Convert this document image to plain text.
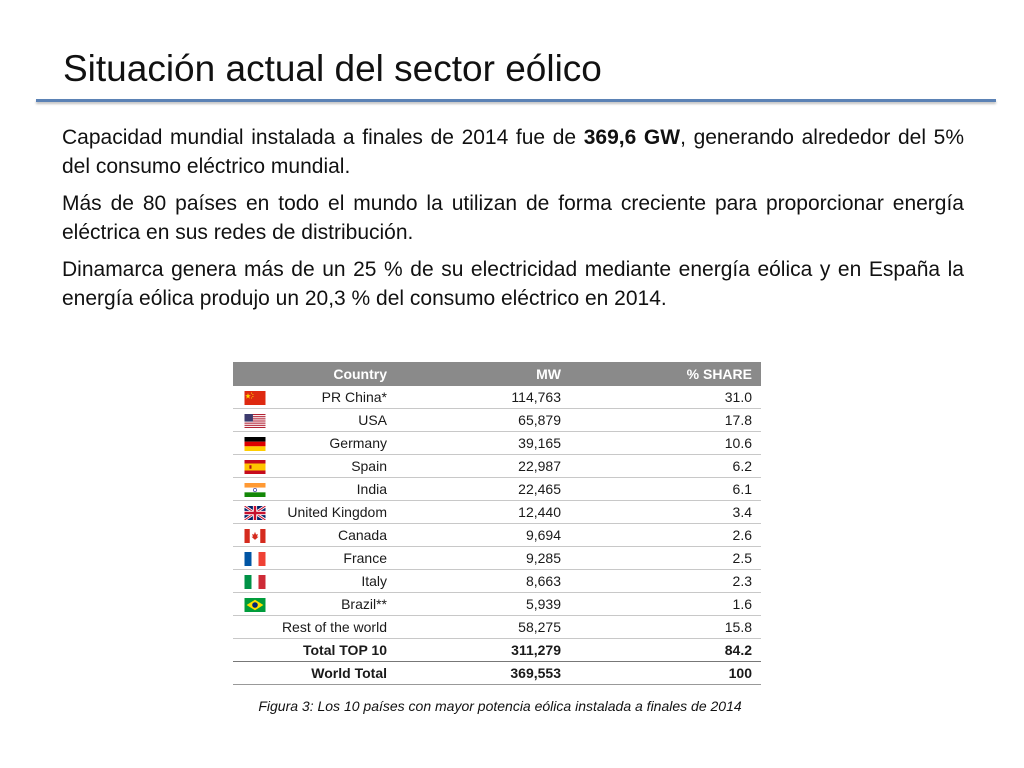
Situación actual del sector eólico

Capacidad mundial instalada a finales de 2014 fue de 369,6 GW, generando alrededor del 5% del consumo eléctrico mundial.

Más de 80 países en todo el mundo la utilizan de forma creciente para proporcionar energía eléctrica en sus redes de distribución.

Dinamarca genera más de un 25 % de su electricidad mediante energía eólica y en España la energía eólica produjo un 20,3 % del consumo eléctrico en 2014.

	Country	MW	% SHARE

	PR China*	114,763	31.0

	USA	65,879	17.8

	Germany	39,165	10.6

	Spain	22,987	6.2

	India	22,465	6.1

	United Kingdom	12,440	3.4

	Canada	9,694	2.6

	France	9,285	2.5

	Italy	8,663	2.3

	Brazil**	5,939	1.6
	Rest of the world	58,275	15.8
	Total TOP 10	311,279	84.2
	World Total	369,553	100
Figura 3: Los 10 países con mayor potencia eólica instalada a finales de 2014
